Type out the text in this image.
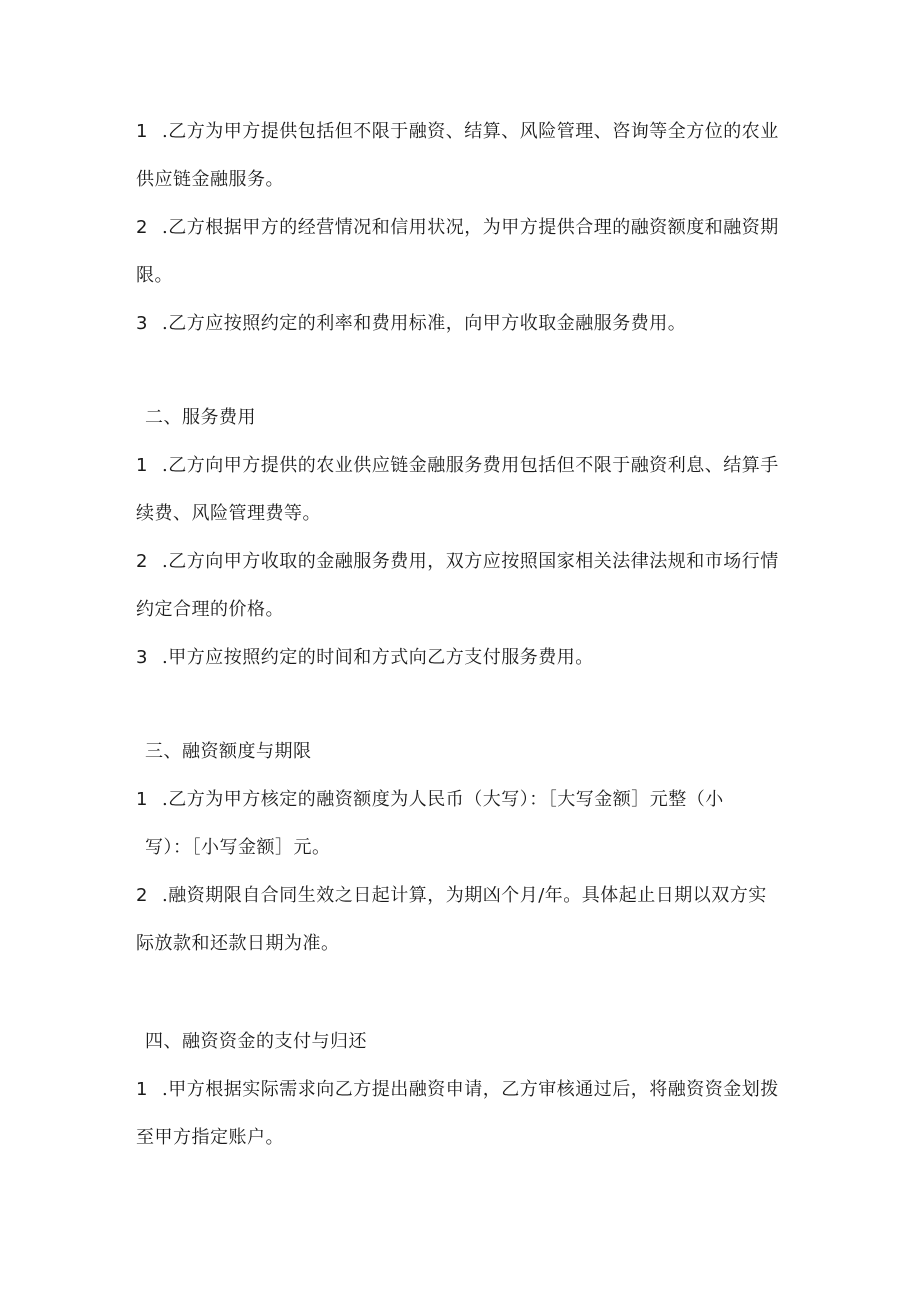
1 .乙方为甲方提供包括但不限于融资、结算、风险管理、咨询等全方位的农业
供应链金融服务。
2 .乙方根据甲方的经营情况和信用状况，为甲方提供合理的融资额度和融资期
限。
3 .乙方应按照约定的利率和费用标准，向甲方收取金融服务费用。
二、服务费用
1 .乙方向甲方提供的农业供应链金融服务费用包括但不限于融资利息、结算手
续费、风险管理费等。
2 .乙方向甲方收取的金融服务费用，双方应按照国家相关法律法规和市场行情
约定合理的价格。
3 .甲方应按照约定的时间和方式向乙方支付服务费用。
三、融资额度与期限
1 .乙方为甲方核定的融资额度为人民币（大写）：［大写金额］元整（小
写）：［小写金额］元。
2 .融资期限自合同生效之日起计算，为期凶个月/年。具体起止日期以双方实
际放款和还款日期为准。
四、融资资金的支付与归还
1 .甲方根据实际需求向乙方提出融资申请，乙方审核通过后，将融资资金划拨
至甲方指定账户。
